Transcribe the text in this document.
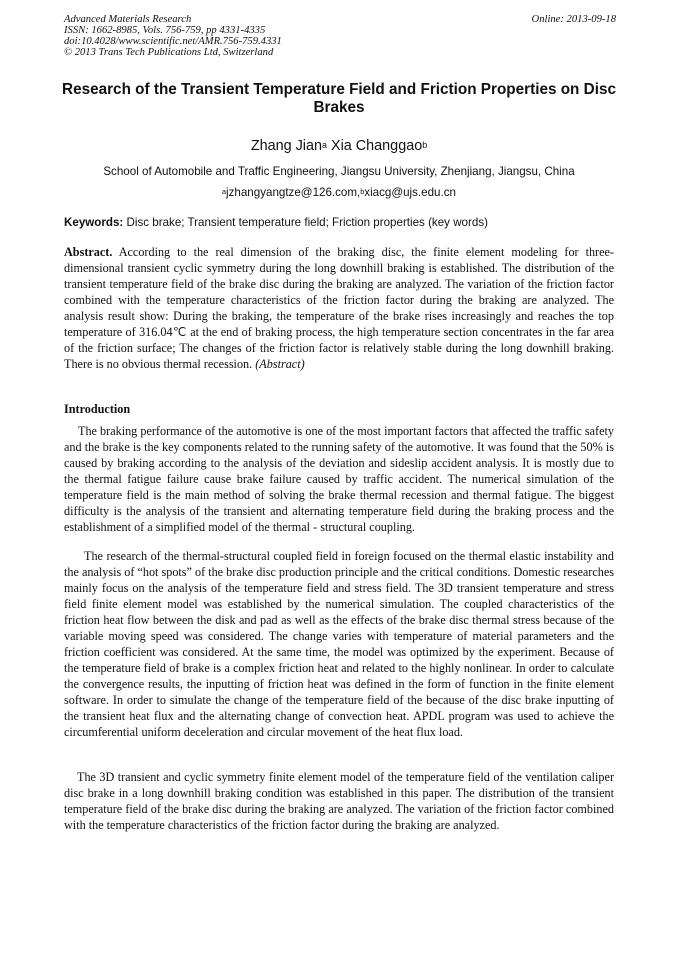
Advanced Materials Research
ISSN: 1662-8985, Vols. 756-759, pp 4331-4335
doi:10.4028/www.scientific.net/AMR.756-759.4331
© 2013 Trans Tech Publications Ltd, Switzerland
Online: 2013-09-18
Research of the Transient Temperature Field and Friction Properties on Disc Brakes
Zhang Jian$^a$ Xia Changgao$^b$
School of Automobile and Traffic Engineering, Jiangsu University, Zhenjiang, Jiangsu, China
$^a$jzhangyangtze@126.com,$^b$xiacg@ujs.edu.cn
Keywords: Disc brake; Transient temperature field; Friction properties (key words)
Abstract. According to the real dimension of the braking disc, the finite element modeling for three-dimensional transient cyclic symmetry during the long downhill braking is established. The distribution of the transient temperature field of the brake disc during the braking are analyzed. The variation of the friction factor combined with the temperature characteristics of the friction factor during the braking are analyzed. The analysis result show: During the braking, the temperature of the brake rises increasingly and reaches the top temperature of 316.04℃ at the end of braking process, the high temperature section concentrates in the far area of the friction surface; The changes of the friction factor is relatively stable during the long downhill braking. There is no obvious thermal recession. (Abstract)
Introduction
The braking performance of the automotive is one of the most important factors that affected the traffic safety and the brake is the key components related to the running safety of the automotive. It was found that the 50% is caused by braking according to the analysis of the deviation and sideslip accident analysis. It is mostly due to the thermal fatigue failure cause brake failure caused by traffic accident. The numerical simulation of the temperature field is the main method of solving the brake thermal recession and thermal fatigue. The biggest difficulty is the analysis of the transient and alternating temperature field during the braking process and the establishment of a simplified model of the thermal - structural coupling.
The research of the thermal-structural coupled field in foreign focused on the thermal elastic instability and the analysis of “hot spots” of the brake disc production principle and the critical conditions. Domestic researches mainly focus on the analysis of the temperature field and stress field. The 3D transient temperature and stress field finite element model was established by the numerical simulation. The coupled characteristics of the friction heat flow between the disk and pad as well as the effects of the brake disc thermal stress because of the variable moving speed was considered. The change varies with temperature of material parameters and the friction coefficient was considered. At the same time, the model was optimized by the experiment. Because of the temperature field of brake is a complex friction heat and related to the highly nonlinear. In order to calculate the convergence results, the inputting of friction heat was defined in the form of function in the finite element software. In order to simulate the change of the temperature field of the because of the disc brake inputting of the transient heat flux and the alternating change of convection heat. APDL program was used to achieve the circumferential uniform deceleration and circular movement of the heat flux load.
The 3D transient and cyclic symmetry finite element model of the temperature field of the ventilation caliper disc brake in a long downhill braking condition was established in this paper. The distribution of the transient temperature field of the brake disc during the braking are analyzed. The variation of the friction factor combined with the temperature characteristics of the friction factor during the braking are analyzed.
